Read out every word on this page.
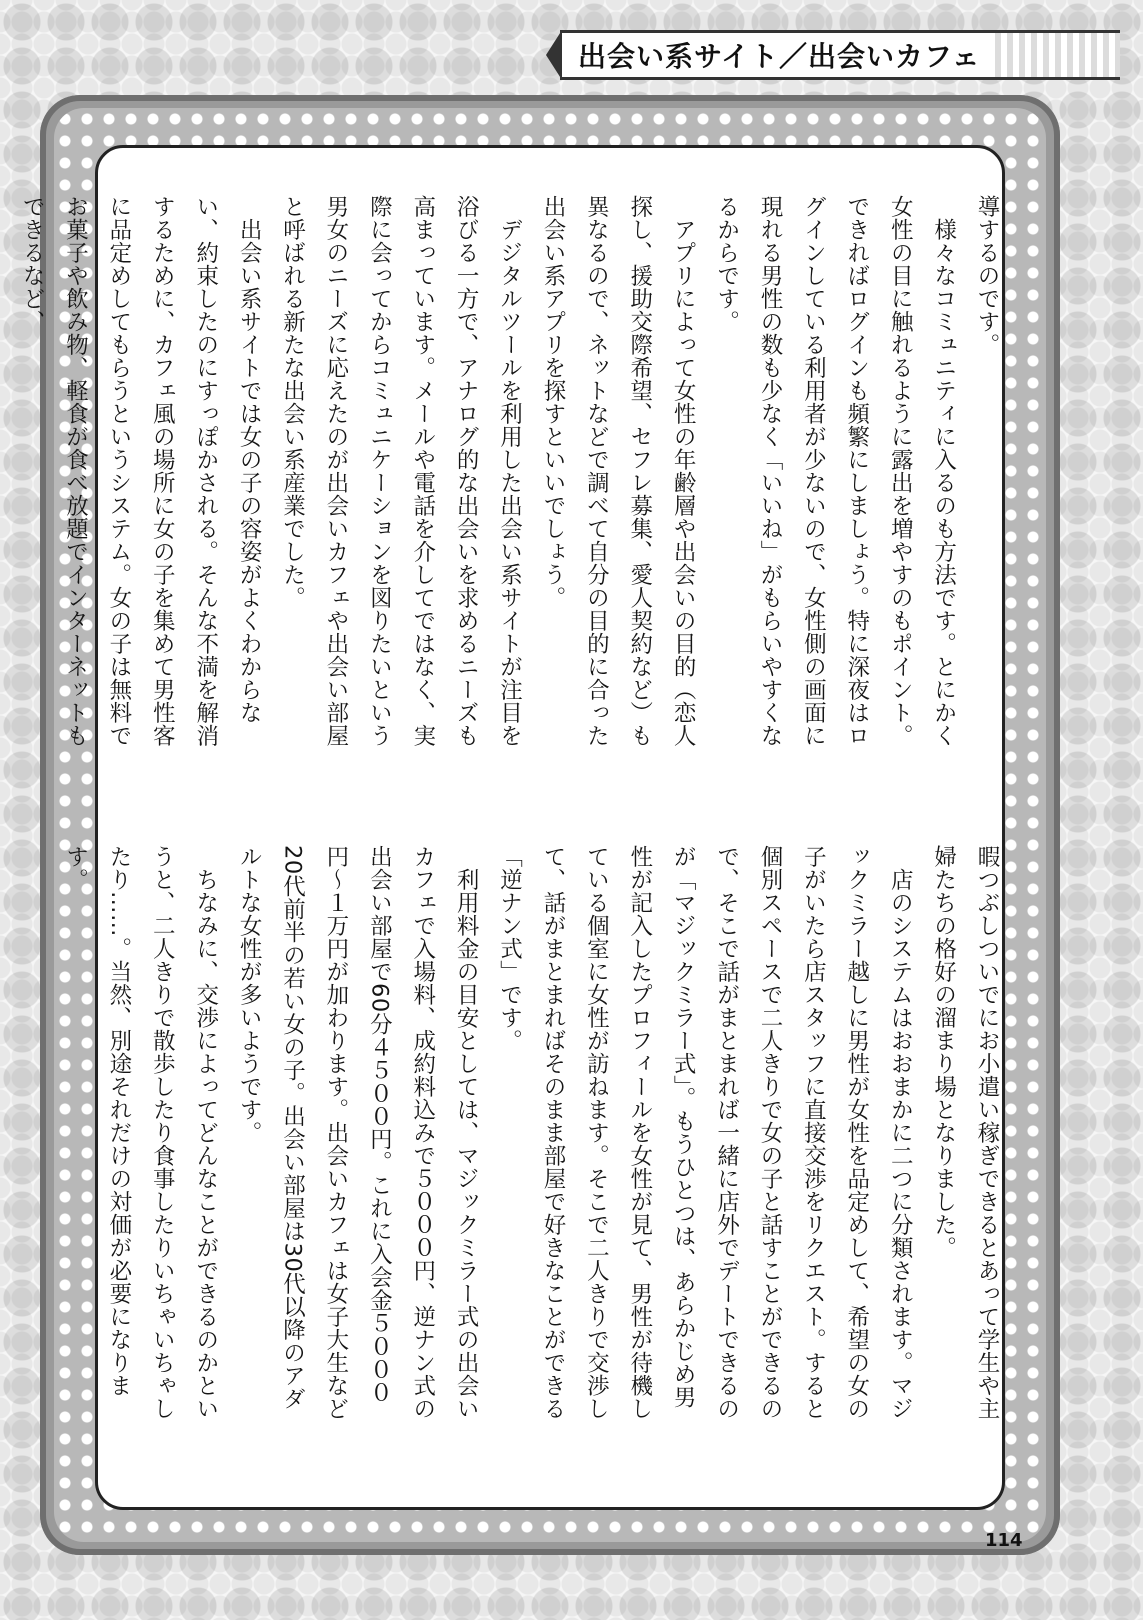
出会い系サイト／出会いカフェ

導するのです。

様々なコミュニティに入るのも方法です。とにかく女性の目に触れるように露出を増やすのもポイント。できればログインも頻繁にしましょう。特に深夜はログインしている利用者が少ないので、女性側の画面に現れる男性の数も少なく「いいね」がもらいやすくなるからです。

アプリによって女性の年齢層や出会いの目的（恋人探し、援助交際希望、セフレ募集、愛人契約など）も異なるので、ネットなどで調べて自分の目的に合った出会い系アプリを探すといいでしょう。

デジタルツールを利用した出会い系サイトが注目を浴びる一方で、アナログ的な出会いを求めるニーズも高まっています。メールや電話を介してではなく、実際に会ってからコミュニケーションを図りたいという男女のニーズに応えたのが出会いカフェや出会い部屋と呼ばれる新たな出会い系産業でした。

出会い系サイトでは女の子の容姿がよくわからない、約束したのにすっぽかされる。そんな不満を解消するために、カフェ風の場所に女の子を集めて男性客に品定めしてもらうというシステム。女の子は無料でお菓子や飲み物、軽食が食べ放題でインターネットもできるなど、

暇つぶしついでにお小遣い稼ぎできるとあって学生や主婦たちの格好の溜まり場となりました。

店のシステムはおおまかに二つに分類されます。マジックミラー越しに男性が女性を品定めして、希望の女の子がいたら店スタッフに直接交渉をリクエスト。すると個別スペースで二人きりで女の子と話すことができるので、そこで話がまとまれば一緒に店外でデートできるのが「マジックミラー式」。もうひとつは、あらかじめ男性が記入したプロフィールを女性が見て、男性が待機している個室に女性が訪ねます。そこで二人きりで交渉して、話がまとまればそのまま部屋で好きなことができる「逆ナン式」です。

利用料金の目安としては、マジックミラー式の出会いカフェで入場料、成約料込みで５０００円、逆ナン式の出会い部屋で60分４５００円。これに入会金５０００円〜１万円が加わります。出会いカフェは女子大生など20代前半の若い女の子。出会い部屋は30代以降のアダルトな女性が多いようです。

ちなみに、交渉によってどんなことができるのかというと、二人きりで散歩したり食事したりいちゃいちゃしたり……。当然、別途それだけの対価が必要になります。

114
